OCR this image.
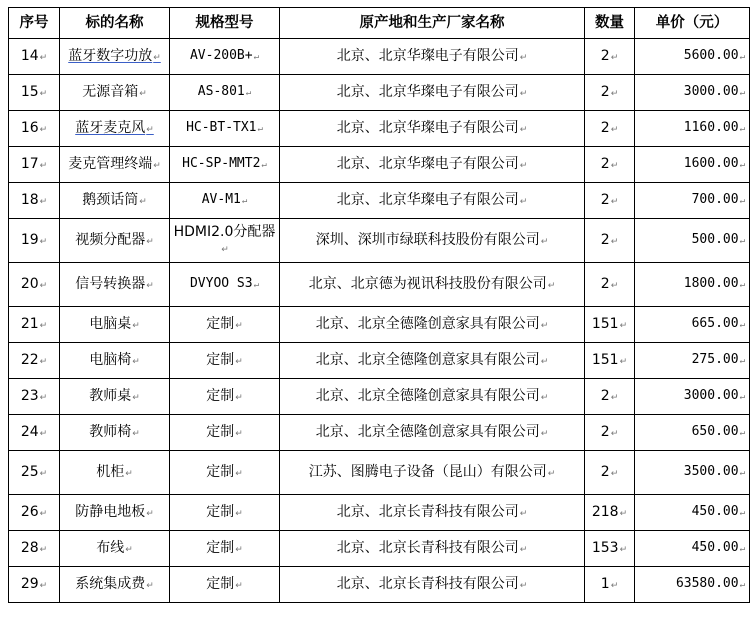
序号	标的名称	规格型号	原产地和生产厂家名称	数量	单价（元）
14 ↵	蓝牙数字功放 ↵	AV-200B+ ↵	北京、北京华璨电子有限公司 ↵	2 ↵	5600.00 ↵
15 ↵	无源音箱 ↵	AS-801 ↵	北京、北京华璨电子有限公司 ↵	2 ↵	3000.00 ↵
16 ↵	蓝牙麦克风 ↵	HC-BT-TX1 ↵	北京、北京华璨电子有限公司 ↵	2 ↵	1160.00 ↵
17 ↵	麦克管理终端 ↵	HC-SP-MMT2 ↵	北京、北京华璨电子有限公司 ↵	2 ↵	1600.00 ↵
18 ↵	鹅颈话筒 ↵	AV-M1 ↵	北京、北京华璨电子有限公司 ↵	2 ↵	700.00 ↵
19 ↵	视频分配器 ↵	HDMI2.0分配器 ↵	深圳、深圳市绿联科技股份有限公司 ↵	2 ↵	500.00 ↵
20 ↵	信号转换器 ↵	DVYOO S3 ↵	北京、北京德为视讯科技股份有限公司 ↵	2 ↵	1800.00 ↵
21 ↵	电脑桌 ↵	定制 ↵	北京、北京全德隆创意家具有限公司 ↵	151 ↵	665.00 ↵
22 ↵	电脑椅 ↵	定制 ↵	北京、北京全德隆创意家具有限公司 ↵	151 ↵	275.00 ↵
23 ↵	教师桌 ↵	定制 ↵	北京、北京全德隆创意家具有限公司 ↵	2 ↵	3000.00 ↵
24 ↵	教师椅 ↵	定制 ↵	北京、北京全德隆创意家具有限公司 ↵	2 ↵	650.00 ↵
25 ↵	机柜 ↵	定制 ↵	江苏、图腾电子设备（昆山）有限公司 ↵	2 ↵	3500.00 ↵
26 ↵	防静电地板 ↵	定制 ↵	北京、北京长青科技有限公司 ↵	218 ↵	450.00 ↵
28 ↵	布线 ↵	定制 ↵	北京、北京长青科技有限公司 ↵	153 ↵	450.00 ↵
29 ↵	系统集成费 ↵	定制 ↵	北京、北京长青科技有限公司 ↵	1 ↵	63580.00 ↵
